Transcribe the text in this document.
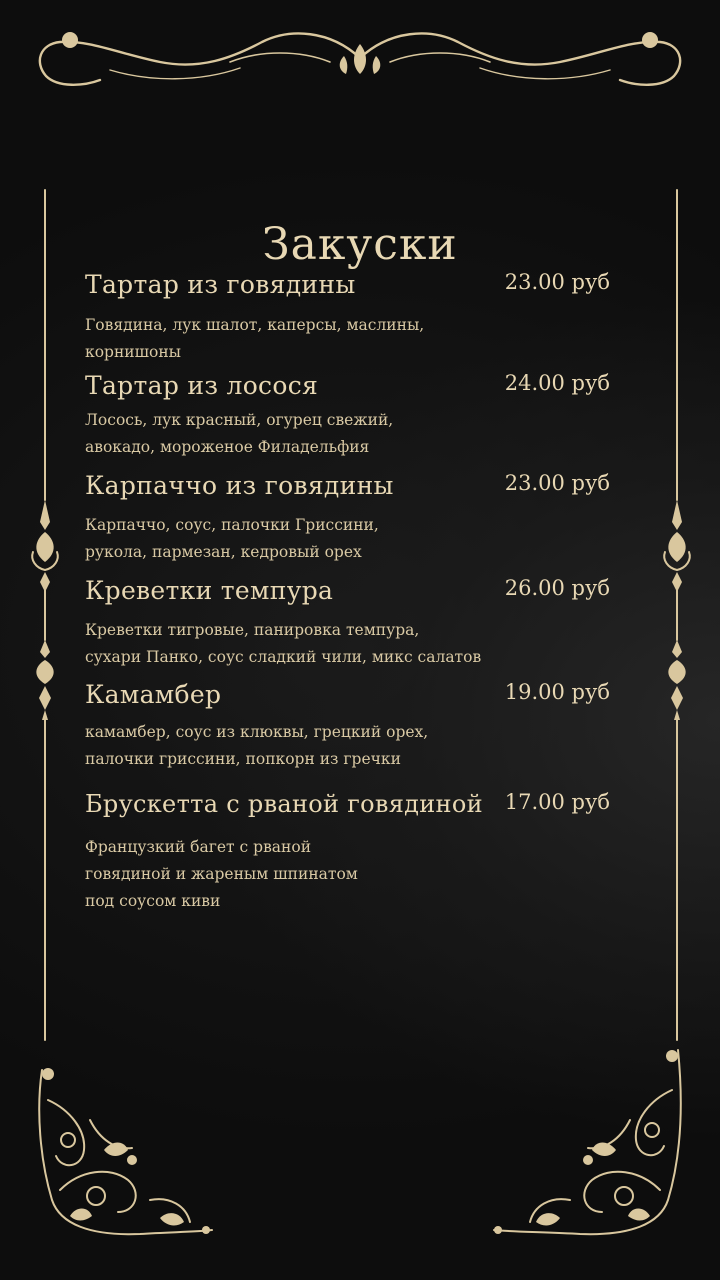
Закуски
Тартар из говядины	23.00 руб
Говядина, лук шалот, каперсы, маслины,
корнишоны
Тартар из лосося	24.00 руб
Лосось, лук красный, огурец свежий,
авокадо, мороженое Филадельфия
Карпаччо из говядины	23.00 руб
Карпаччо, соус, палочки Гриссини,
рукола, пармезан, кедровый орех
Креветки темпура	26.00 руб
Креветки тигровые, панировка темпура,
сухари Панко, соус сладкий чили, микс салатов
Камамбер	19.00 руб
камамбер, соус из клюквы, грецкий орех,
палочки гриссини, попкорн из гречки
Брускетта с рваной говядиной 17.00 руб
Французкий багет с рваной
говядиной и жареным шпинатом
под соусом киви
